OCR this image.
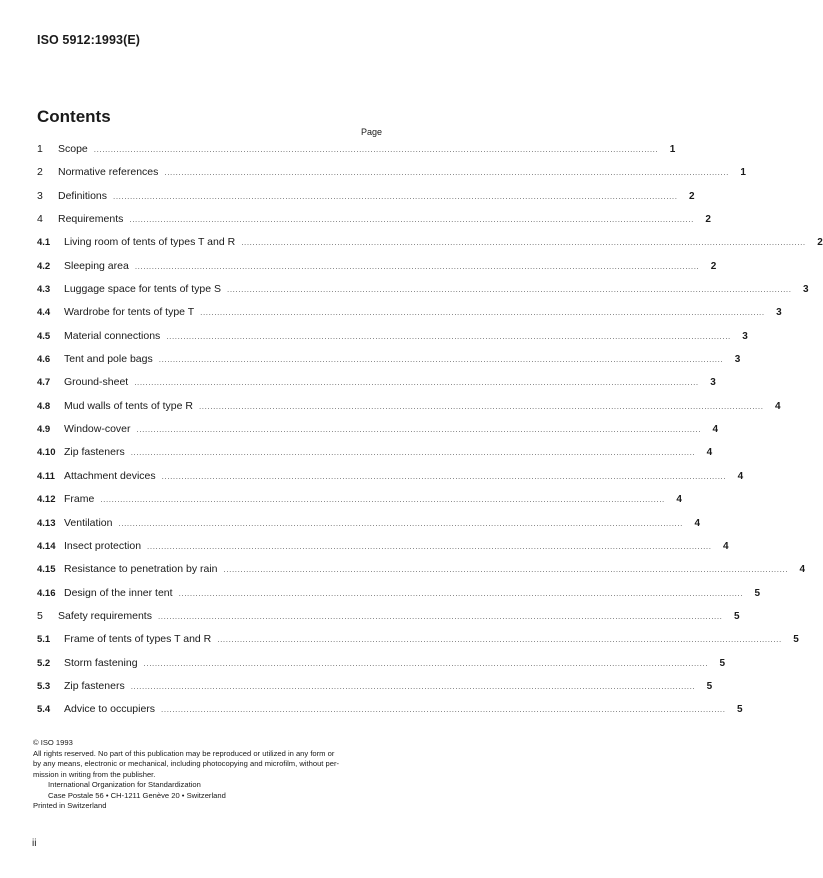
ISO 5912:1993(E)
Contents
Page
1	Scope ........................................................................................................................................................................................................	1
2	Normative references ........................................................................................................................................................................................................	1
3	Definitions ........................................................................................................................................................................................................	2
4	Requirements ........................................................................................................................................................................................................	2
4.1	Living room of tents of types T and R ........................................................................................................................................................................................................	2
4.2	Sleeping area ........................................................................................................................................................................................................	2
4.3	Luggage space for tents of type S ........................................................................................................................................................................................................	3
4.4	Wardrobe for tents of type T ........................................................................................................................................................................................................	3
4.5	Material connections ........................................................................................................................................................................................................	3
4.6	Tent and pole bags ........................................................................................................................................................................................................	3
4.7	Ground-sheet ........................................................................................................................................................................................................	3
4.8	Mud walls of tents of type R ........................................................................................................................................................................................................	4
4.9	Window-cover ........................................................................................................................................................................................................	4
4.10 Zip fasteners ........................................................................................................................................................................................................	4
4.11 Attachment devices ........................................................................................................................................................................................................	4
4.12 Frame ........................................................................................................................................................................................................	4
4.13 Ventilation ........................................................................................................................................................................................................	4
4.14 Insect protection ........................................................................................................................................................................................................	4
4.15 Resistance to penetration by rain ........................................................................................................................................................................................................	4
4.16 Design of the inner tent ........................................................................................................................................................................................................	5
5	Safety requirements ........................................................................................................................................................................................................	5
5.1	Frame of tents of types T and R ........................................................................................................................................................................................................	5
5.2	Storm fastening ........................................................................................................................................................................................................	5
5.3	Zip fasteners ........................................................................................................................................................................................................	5
5.4	Advice to occupiers ........................................................................................................................................................................................................	5
© ISO 1993
All rights reserved. No part of this publication may be reproduced or utilized in any form or
by any means, electronic or mechanical, including photocopying and microfilm, without per-
mission in writing from the publisher.
International Organization for Standardization
Case Postale 56 • CH-1211 Genève 20 • Switzerland
Printed in Switzerland
ii
